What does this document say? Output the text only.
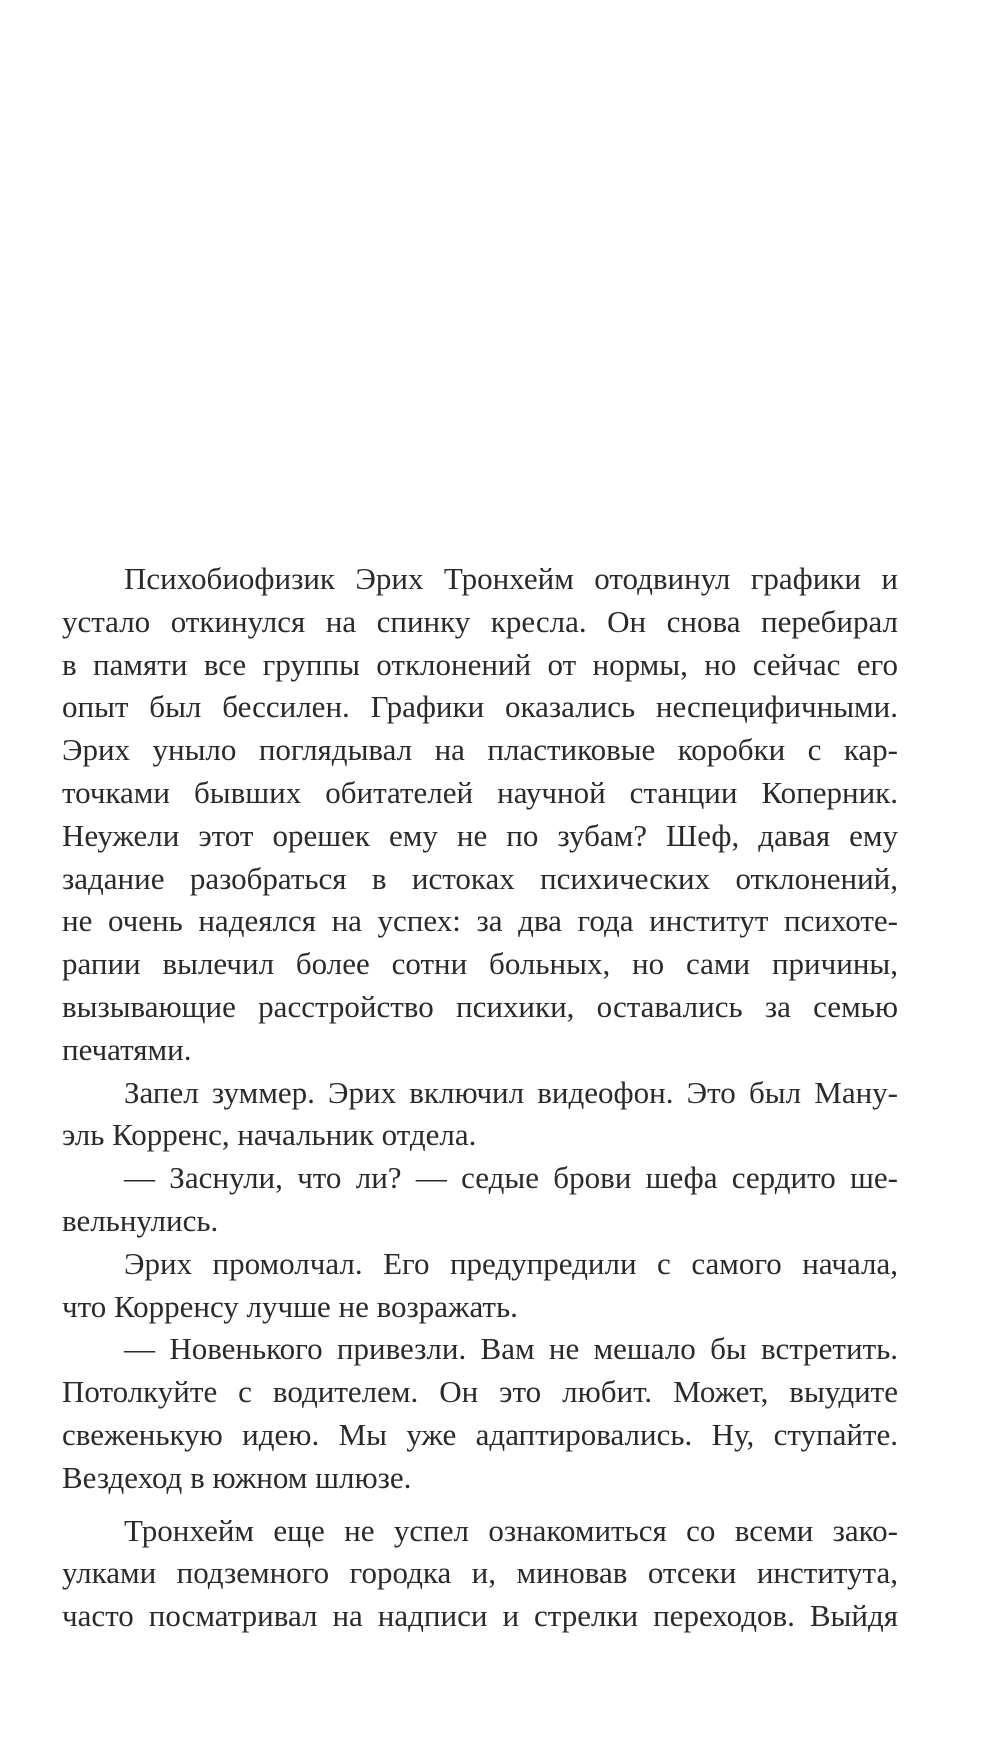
Психобиофизик Эрих Тронхейм отодвинул графики и
устало откинулся на спинку кресла. Он снова перебирал
в памяти все группы отклонений от нормы, но сейчас его
опыт был бессилен. Графики оказались неспецифичными.
Эрих уныло поглядывал на пластиковые коробки с кар-
точками бывших обитателей научной станции Коперник.
Неужели этот орешек ему не по зубам? Шеф, давая ему
задание разобраться в истоках психических отклонений,
не очень надеялся на успех: за два года институт психоте-
рапии вылечил более сотни больных, но сами причины,
вызывающие расстройство психики, оставались за семью
печатями.
Запел зуммер. Эрих включил видеофон. Это был Ману-
эль Корренс, начальник отдела.
— Заснули, что ли? — седые брови шефа сердито ше-
вельнулись.
Эрих промолчал. Его предупредили с самого начала,
что Корренсу лучше не возражать.
— Новенького привезли. Вам не мешало бы встретить.
Потолкуйте с водителем. Он это любит. Может, выудите
свеженькую идею. Мы уже адаптировались. Ну, ступайте.
Вездеход в южном шлюзе.
Тронхейм еще не успел ознакомиться со всеми зако-
улками подземного городка и, миновав отсеки института,
часто посматривал на надписи и стрелки переходов. Выйдя
